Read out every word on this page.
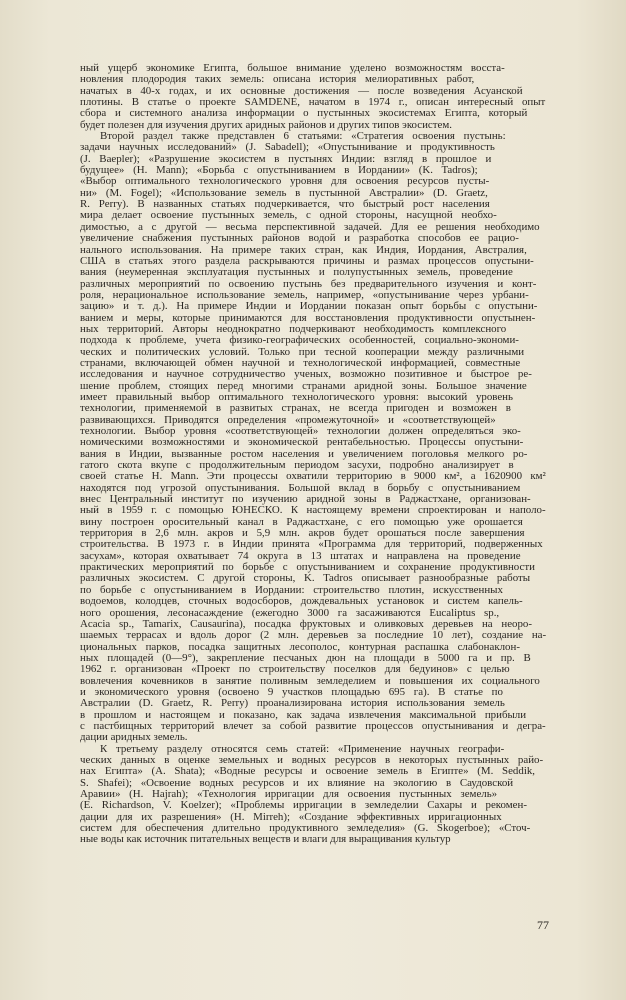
ный ущерб экономике Египта, большое внимание уделено возможностям восста-
новления плодородия таких земель: описана история мелиоративных работ,
начатых в 40-х годах, и их основные достижения — после возведения Асуанской
плотины. В статье о проекте SAMDENE, начатом в 1974 г., описан интересный опыт
сбора и системного анализа информации о пустынных экосистемах Египта, который
будет полезен для изучения других аридных районов и других типов экосистем.

Второй раздел также представлен 6 статьями: «Стратегия освоения пустынь:
задачи научных исследований» (J. Sabadell); «Опустынивание и продуктивность
(J. Baepler); «Разрушение экосистем в пустынях Индии: взгляд в прошлое и
будущее» (H. Mann); «Борьба с опустыниванием в Иордании» (K. Tadros);
«Выбор оптимального технологического уровня для освоения ресурсов пусты-
ни» (M. Fogel); «Использование земель в пустынной Австралии» (D. Graetz,
R. Perry). В названных статьях подчеркивается, что быстрый рост населения
мира делает освоение пустынных земель, с одной стороны, насущной необхо-
димостью, а с другой — весьма перспективной задачей. Для ее решения необходимо
увеличение снабжения пустынных районов водой и разработка способов ее рацио-
нального использования. На примере таких стран, как Индия, Иордания, Австралия,
США в статьях этого раздела раскрываются причины и размах процессов опустыни-
вания (неумеренная эксплуатация пустынных и полупустынных земель, проведение
различных мероприятий по освоению пустынь без предварительного изучения и конт-
роля, нерациональное использование земель, например, «опустынивание через урбани-
зацию» и т. д.). На примере Индии и Иордании показан опыт борьбы с опустыни-
ванием и меры, которые принимаются для восстановления продуктивности опустынен-
ных территорий. Авторы неоднократно подчеркивают необходимость комплексного
подхода к проблеме, учета физико-географических особенностей, социально-экономи-
ческих и политических условий. Только при тесной кооперации между различными
странами, включающей обмен научной и технологической информацией, совместные
исследования и научное сотрудничество ученых, возможно позитивное и быстрое ре-
шение проблем, стоящих перед многими странами аридной зоны. Большое значение
имеет правильный выбор оптимального технологического уровня: высокий уровень
технологии, применяемой в развитых странах, не всегда пригоден и возможен в
развивающихся. Приводятся определения «промежуточной» и «соответствующей»
технологии. Выбор уровня «соответствующей» технологии должен определяться эко-
номическими возможностями и экономической рентабельностью. Процессы опустыни-
вания в Индии, вызванные ростом населения и увеличением поголовья мелкого ро-
гатого скота вкупе с продолжительным периодом засухи, подробно анализирует в
своей статье H. Mann. Эти процессы охватили территорию в 9000 км², а 1620900 км²
находятся под угрозой опустынивания. Большой вклад в борьбу с опустыниванием
внес Центральный институт по изучению аридной зоны в Раджастхане, организован-
ный в 1959 г. с помощью ЮНЕСКО. К настоящему времени спроектирован и наполо-
вину построен оросительный канал в Раджастхане, с его помощью уже орошается
территория в 2,6 млн. акров и 5,9 млн. акров будет орошаться после завершения
строительства. В 1973 г. в Индии принята «Программа для территорий, подверженных
засухам», которая охватывает 74 округа в 13 штатах и направлена на проведение
практических мероприятий по борьбе с опустыниванием и сохранение продуктивности
различных экосистем. С другой стороны, K. Tadros описывает разнообразные работы
по борьбе с опустыниванием в Иордании: строительство плотин, искусственных
водоемов, колодцев, сточных водосборов, дождевальных установок и систем капель-
ного орошения, лесонасаждение (ежегодно 3000 га засаживаются Eucaliptus sp.,
Acacia sp., Tamarix, Causaurina), посадка фруктовых и оливковых деревьев на неоро-
шаемых террасах и вдоль дорог (2 млн. деревьев за последние 10 лет), создание на-
циональных парков, посадка защитных лесополос, контурная распашка слабонаклон-
ных площадей (0—9°), закрепление песчаных дюн на площади в 5000 га и пр. В
1962 г. организован «Проект по строительству поселков для бедуинов» с целью
вовлечения кочевников в занятие поливным земледелием и повышения их социального
и экономического уровня (освоено 9 участков площадью 695 га). В статье по
Австралии (D. Graetz, R. Perry) проанализирована история использования земель
в прошлом и настоящем и показано, как задача извлечения максимальной прибыли
с пастбищных территорий влечет за собой развитие процессов опустынивания и дегра-
дации аридных земель.

К третьему разделу относятся семь статей: «Применение научных географи-
ческих данных в оценке земельных и водных ресурсов в некоторых пустынных райо-
нах Египта» (A. Shata); «Водные ресурсы и освоение земель в Египте» (M. Seddik,
S. Shafei); «Освоение водных ресурсов и их влияние на экологию в Саудовской
Аравии» (H. Hajrah); «Технология ирригации для освоения пустынных земель»
(E. Richardson, V. Koelzer); «Проблемы ирригации в земледелии Сахары и рекомен-
дации для их разрешения» (H. Mirreh); «Создание эффективных ирригационных
систем для обеспечения длительно продуктивного земледелия» (G. Skogerboe); «Сточ-
ные воды как источник питательных веществ и влаги для выращивания культур

77
